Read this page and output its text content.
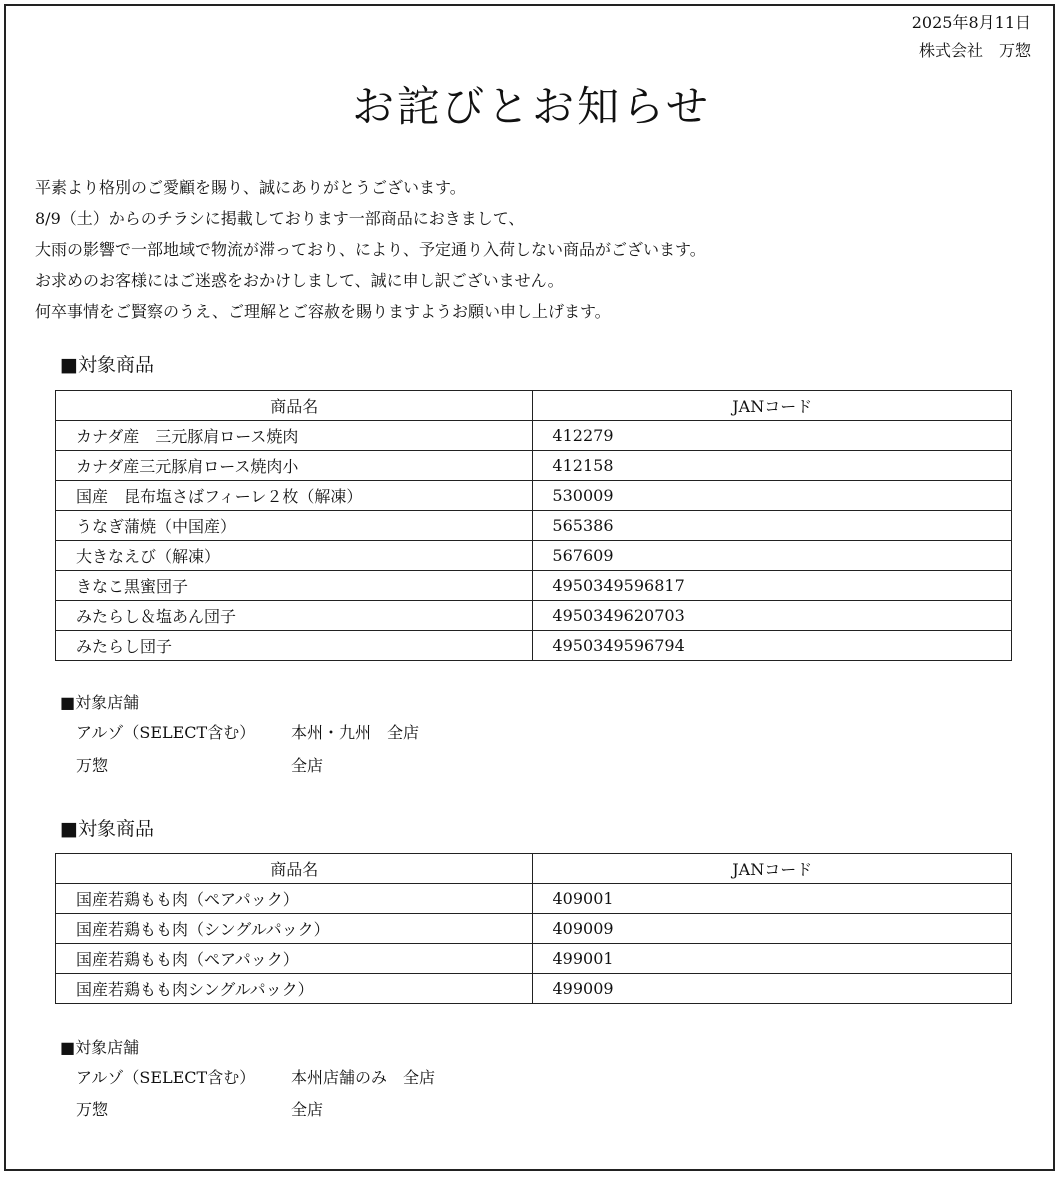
2025年8月11日
株式会社　万惣
お詫びとお知らせ
平素より格別のご愛顧を賜り、誠にありがとうございます。
8/9（土）からのチラシに掲載しております一部商品におきまして、
大雨の影響で一部地域で物流が滞っており、により、予定通り入荷しない商品がございます。
お求めのお客様にはご迷惑をおかけしまして、誠に申し訳ございません。
何卒事情をご賢察のうえ、ご理解とご容赦を賜りますようお願い申し上げます。
■対象商品
商品名	JANコード
カナダ産　三元豚肩ロース焼肉	412279
カナダ産三元豚肩ロース焼肉小	412158
国産　昆布塩さばフィーレ２枚（解凍）	530009
うなぎ蒲焼（中国産）	565386
大きなえび（解凍）	567609
きなこ黒蜜団子	4950349596817
みたらし＆塩あん団子	4950349620703
みたらし団子	4950349596794
■対象店舗
アルゾ（SELECT含む） 本州・九州　全店
万惣	全店
■対象商品
商品名	JANコード
国産若鶏もも肉（ペアパック）	409001
国産若鶏もも肉（シングルパック）	409009
国産若鶏もも肉（ペアパック）	499001
国産若鶏もも肉シングルパック）	499009
■対象店舗
アルゾ（SELECT含む） 本州店舗のみ　全店
万惣	全店
